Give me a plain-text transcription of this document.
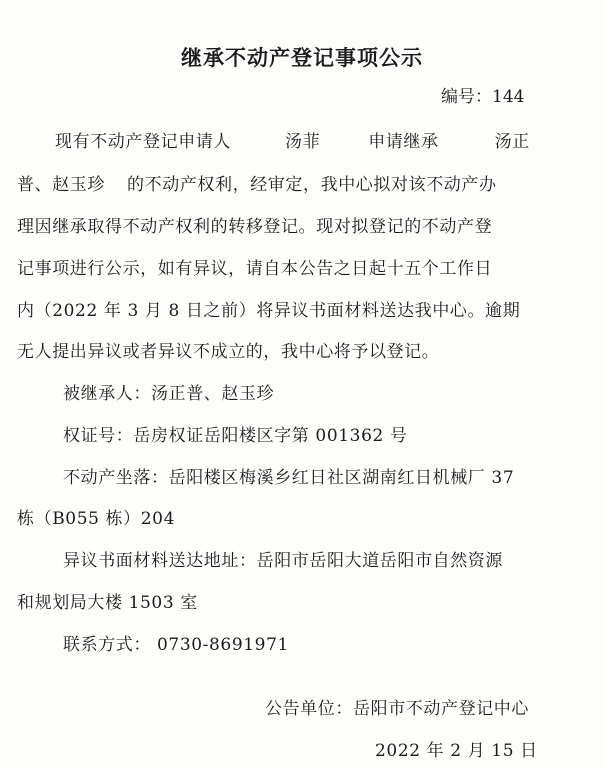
继承不动产登记事项公示
编号：144
现有不动产登记申请人	汤菲	申请继承	汤正
普、赵玉珍 的不动产权利，经审定，我中心拟对该不动产办
理因继承取得不动产权利的转移登记。现对拟登记的不动产登
记事项进行公示，如有异议，请自本公告之日起十五个工作日
内（2022 年 3 月 8 日之前）将异议书面材料送达我中心。逾期
无人提出异议或者异议不成立的，我中心将予以登记。
被继承人：汤正普、赵玉珍
权证号：岳房权证岳阳楼区字第 001362 号
不动产坐落：岳阳楼区梅溪乡红日社区湖南红日机械厂 37
栋（B055 栋）204
异议书面材料送达地址：岳阳市岳阳大道岳阳市自然资源
和规划局大楼 1503 室
联系方式： 0730-8691971
公告单位：岳阳市不动产登记中心
2022 年 2 月 15 日
